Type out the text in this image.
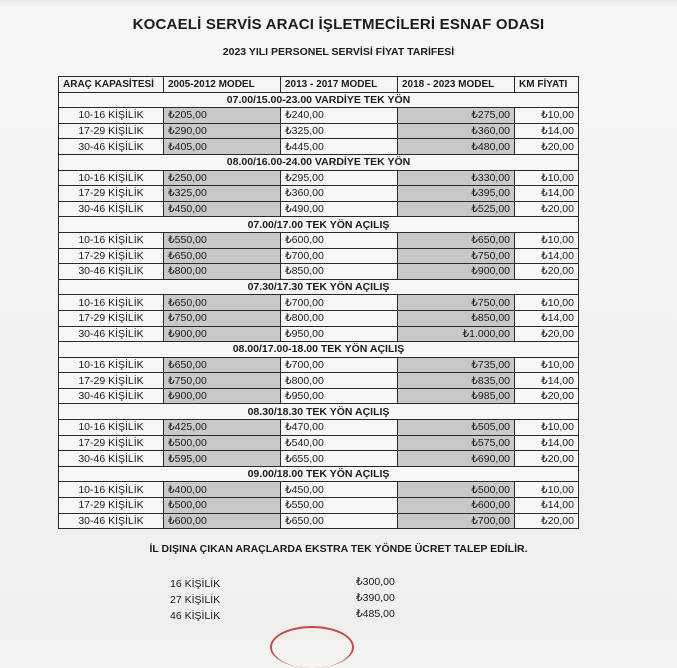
KOCAELİ SERVİS ARACI İŞLETMECİLERİ ESNAF ODASI
2023 YILI PERSONEL SERVİSİ FİYAT TARİFESİ
ARAÇ KAPASİTESİ	2005-2012 MODEL	2013 - 2017 MODEL	2018 - 2023 MODEL	KM FİYATI
07.00/15.00-23.00 VARDİYE TEK YÖN				
10-16 KİŞİLİK	₺205,00	₺240,00	₺275,00	₺10,00
17-29 KİŞİLİK	₺290,00	₺325,00	₺360,00	₺14,00
30-46 KİŞİLİK	₺405,00	₺445,00	₺480,00	₺20,00
08.00/16.00-24.00 VARDİYE TEK YÖN				
10-16 KİŞİLİK	₺250,00	₺295,00	₺330,00	₺10,00
17-29 KİŞİLİK	₺325,00	₺360,00	₺395,00	₺14,00
30-46 KİŞİLİK	₺450,00	₺490,00	₺525,00	₺20,00
07.00/17.00 TEK YÖN AÇILIŞ				
10-16 KİŞİLİK	₺550,00	₺600,00	₺650,00	₺10,00
17-29 KİŞİLİK	₺650,00	₺700,00	₺750,00	₺14,00
30-46 KİŞİLİK	₺800,00	₺850,00	₺900,00	₺20,00
07.30/17.30 TEK YÖN AÇILIŞ				
10-16 KİŞİLİK	₺650,00	₺700,00	₺750,00	₺10,00
17-29 KİŞİLİK	₺750,00	₺800,00	₺850,00	₺14,00
30-46 KİŞİLİK	₺900,00	₺950,00	₺1.000,00	₺20,00
08.00/17.00-18.00 TEK YÖN AÇILIŞ				
10-16 KİŞİLİK	₺650,00	₺700,00	₺735,00	₺10,00
17-29 KİŞİLİK	₺750,00	₺800,00	₺835,00	₺14,00
30-46 KİŞİLİK	₺900,00	₺950,00	₺985,00	₺20,00
08.30/18.30 TEK YÖN AÇILIŞ				
10-16 KİŞİLİK	₺425,00	₺470,00	₺505,00	₺10,00
17-29 KİŞİLİK	₺500,00	₺540,00	₺575,00	₺14,00
30-46 KİŞİLİK	₺595,00	₺655,00	₺690,00	₺20,00
09.00/18.00 TEK YÖN AÇILIŞ				
10-16 KİŞİLİK	₺400,00	₺450,00	₺500,00	₺10,00
17-29 KİŞİLİK	₺500,00	₺550,00	₺600,00	₺14,00
30-46 KİŞİLİK	₺600,00	₺650,00	₺700,00	₺20,00
İL DIŞINA ÇIKAN ARAÇLARDA EKSTRA TEK YÖNDE ÜCRET TALEP EDİLİR.
16 KİŞİLİK	₺300,00
27 KİŞİLİK	₺390,00
46 KİŞİLİK	₺485,00
